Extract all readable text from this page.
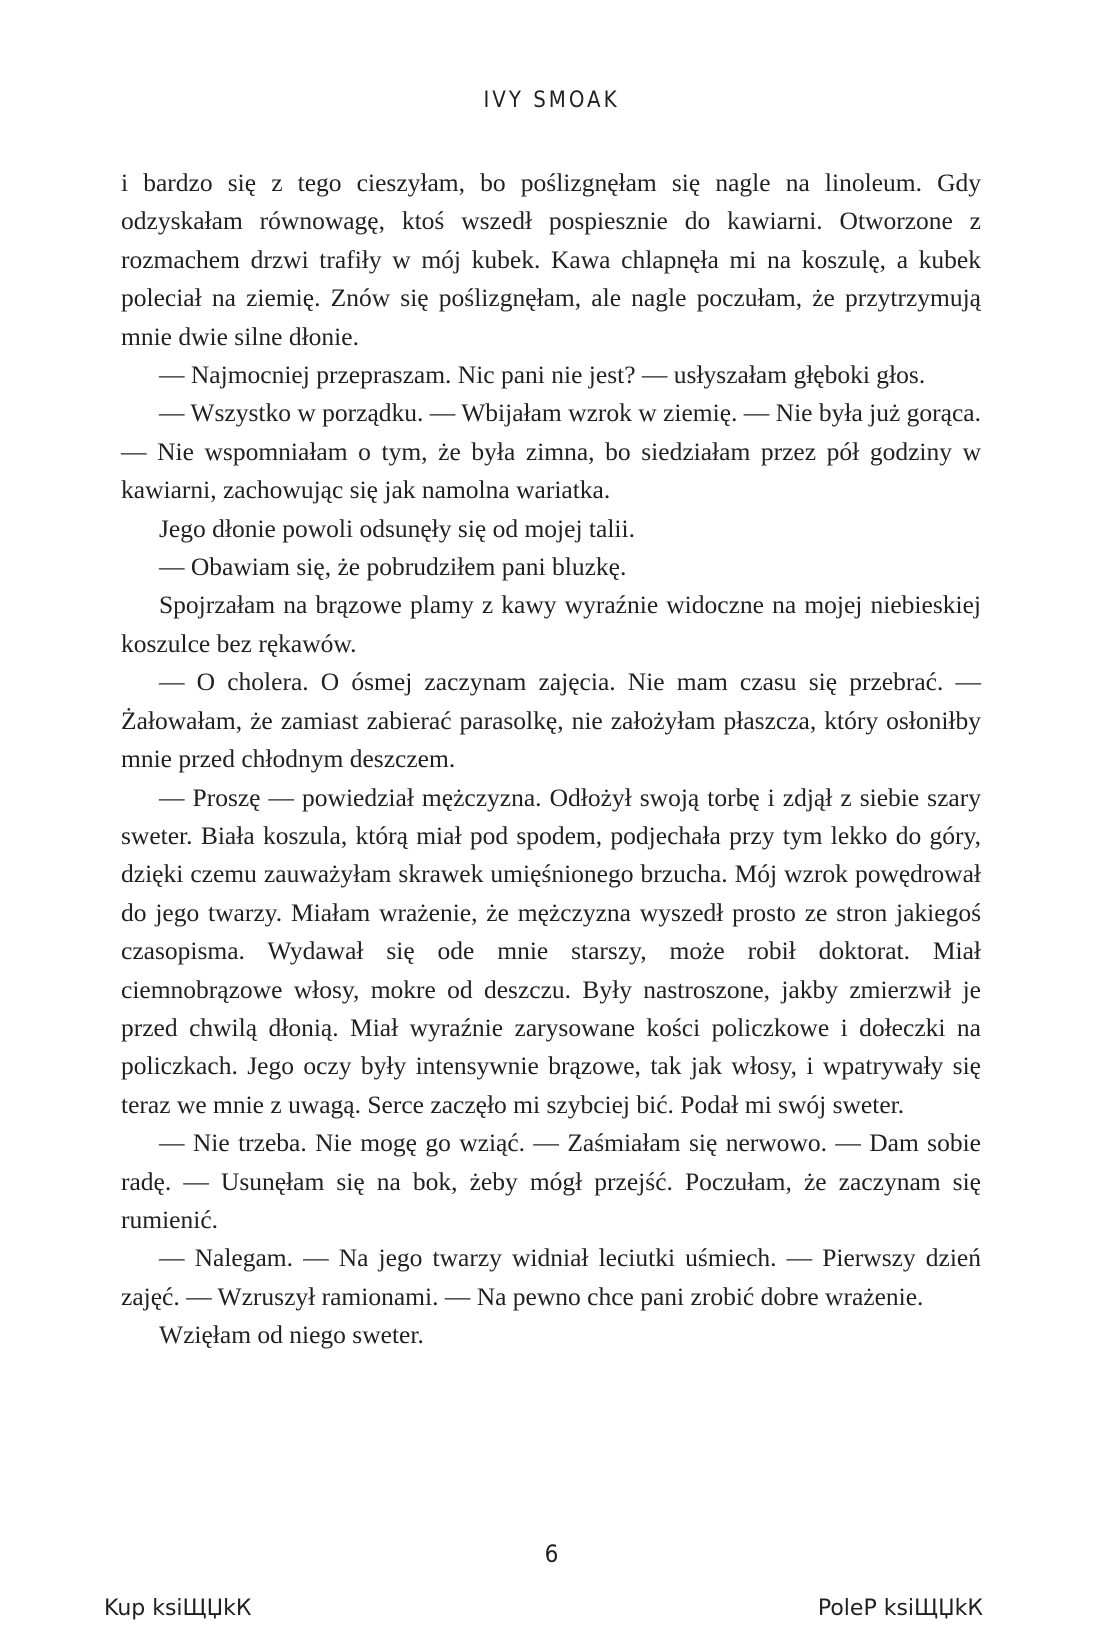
IVY SMOAK

i bardzo się z tego cieszyłam, bo poślizgnęłam się nagle na linoleum. Gdy odzyskałam równowagę, ktoś wszedł pospiesznie do kawiarni. Otworzone z rozmachem drzwi trafiły w mój kubek. Kawa chlapnęła mi na koszulę, a kubek poleciał na ziemię. Znów się poślizgnęłam, ale nagle poczułam, że przytrzymują mnie dwie silne dłonie.

— Najmocniej przepraszam. Nic pani nie jest? — usłyszałam głęboki głos.

— Wszystko w porządku. — Wbijałam wzrok w ziemię. — Nie była już gorąca. — Nie wspomniałam o tym, że była zimna, bo siedziałam przez pół godziny w kawiarni, zachowując się jak namolna wariatka.

Jego dłonie powoli odsunęły się od mojej talii.

— Obawiam się, że pobrudziłem pani bluzkę.

Spojrzałam na brązowe plamy z kawy wyraźnie widoczne na mojej niebieskiej koszulce bez rękawów.

— O cholera. O ósmej zaczynam zajęcia. Nie mam czasu się przebrać. — Żałowałam, że zamiast zabierać parasolkę, nie założyłam płaszcza, który osłoniłby mnie przed chłodnym deszczem.

— Proszę — powiedział mężczyzna. Odłożył swoją torbę i zdjął z siebie szary sweter. Biała koszula, którą miał pod spodem, podjechała przy tym lekko do góry, dzięki czemu zauważyłam skrawek umięśnionego brzucha. Mój wzrok powędrował do jego twarzy. Miałam wrażenie, że mężczyzna wyszedł prosto ze stron jakiegoś czasopisma. Wydawał się ode mnie starszy, może robił doktorat. Miał ciemnobrązowe włosy, mokre od deszczu. Były nastroszone, jakby zmierzwił je przed chwilą dłonią. Miał wyraźnie zarysowane kości policzkowe i dołeczki na policzkach. Jego oczy były intensywnie brązowe, tak jak włosy, i wpatrywały się teraz we mnie z uwagą. Serce zaczęło mi szybciej bić. Podał mi swój sweter.

— Nie trzeba. Nie mogę go wziąć. — Zaśmiałam się nerwowo. — Dam sobie radę. — Usunęłam się na bok, żeby mógł przejść. Poczułam, że zaczynam się rumienić.

— Nalegam. — Na jego twarzy widniał leciutki uśmiech. — Pierwszy dzień zajęć. — Wzruszył ramionami. — Na pewno chce pani zrobić dobre wrażenie.

Wzięłam od niego sweter.

6
Kup ksiЩЏkК	PoleР ksiЩЏkК
